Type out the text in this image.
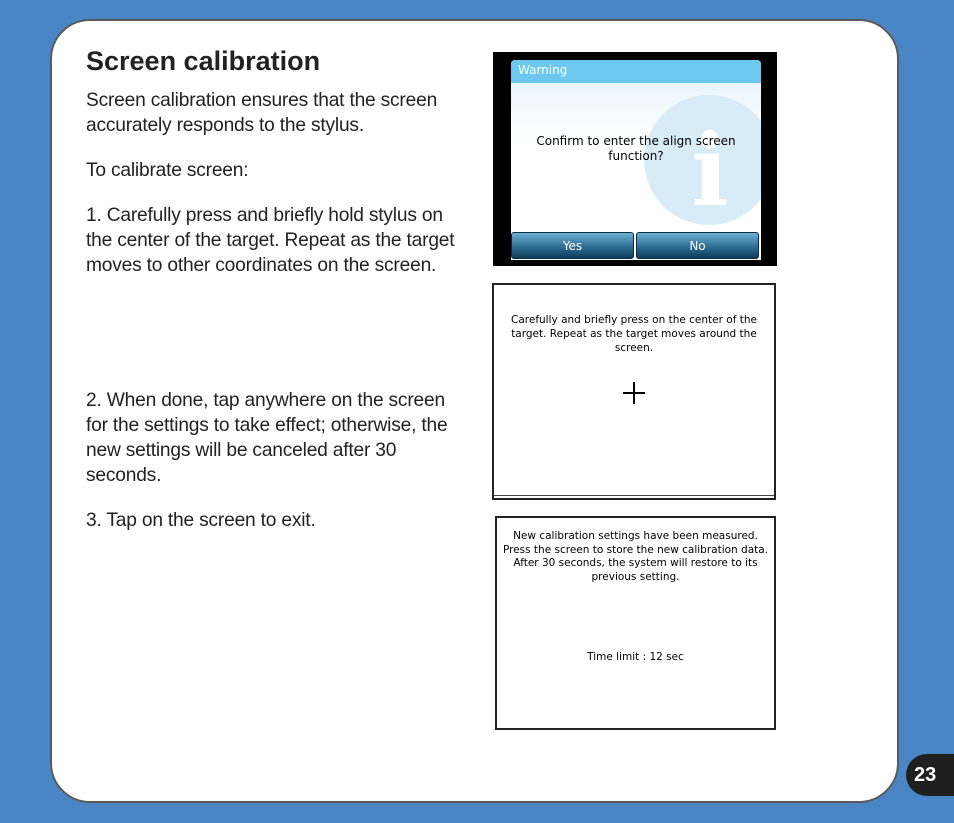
Screen calibration

Screen calibration ensures that the screen accurately responds to the stylus.

To calibrate screen:

1. Carefully press and briefly hold stylus on the center of the target. Repeat as the target moves to other coordinates on the screen.

2. When done, tap anywhere on the screen for the settings to take effect; otherwise, the new settings will be canceled after 30 seconds.

3. Tap on the screen to exit.

Warning
i

Confirm to enter the align screen function?

Yes	No

Carefully and briefly press on the center of the target. Repeat as the target moves around the screen.

New calibration settings have been measured. Press the screen to store the new calibration data. After 30 seconds, the system will restore to its previous setting.

Time limit : 12 sec

23
